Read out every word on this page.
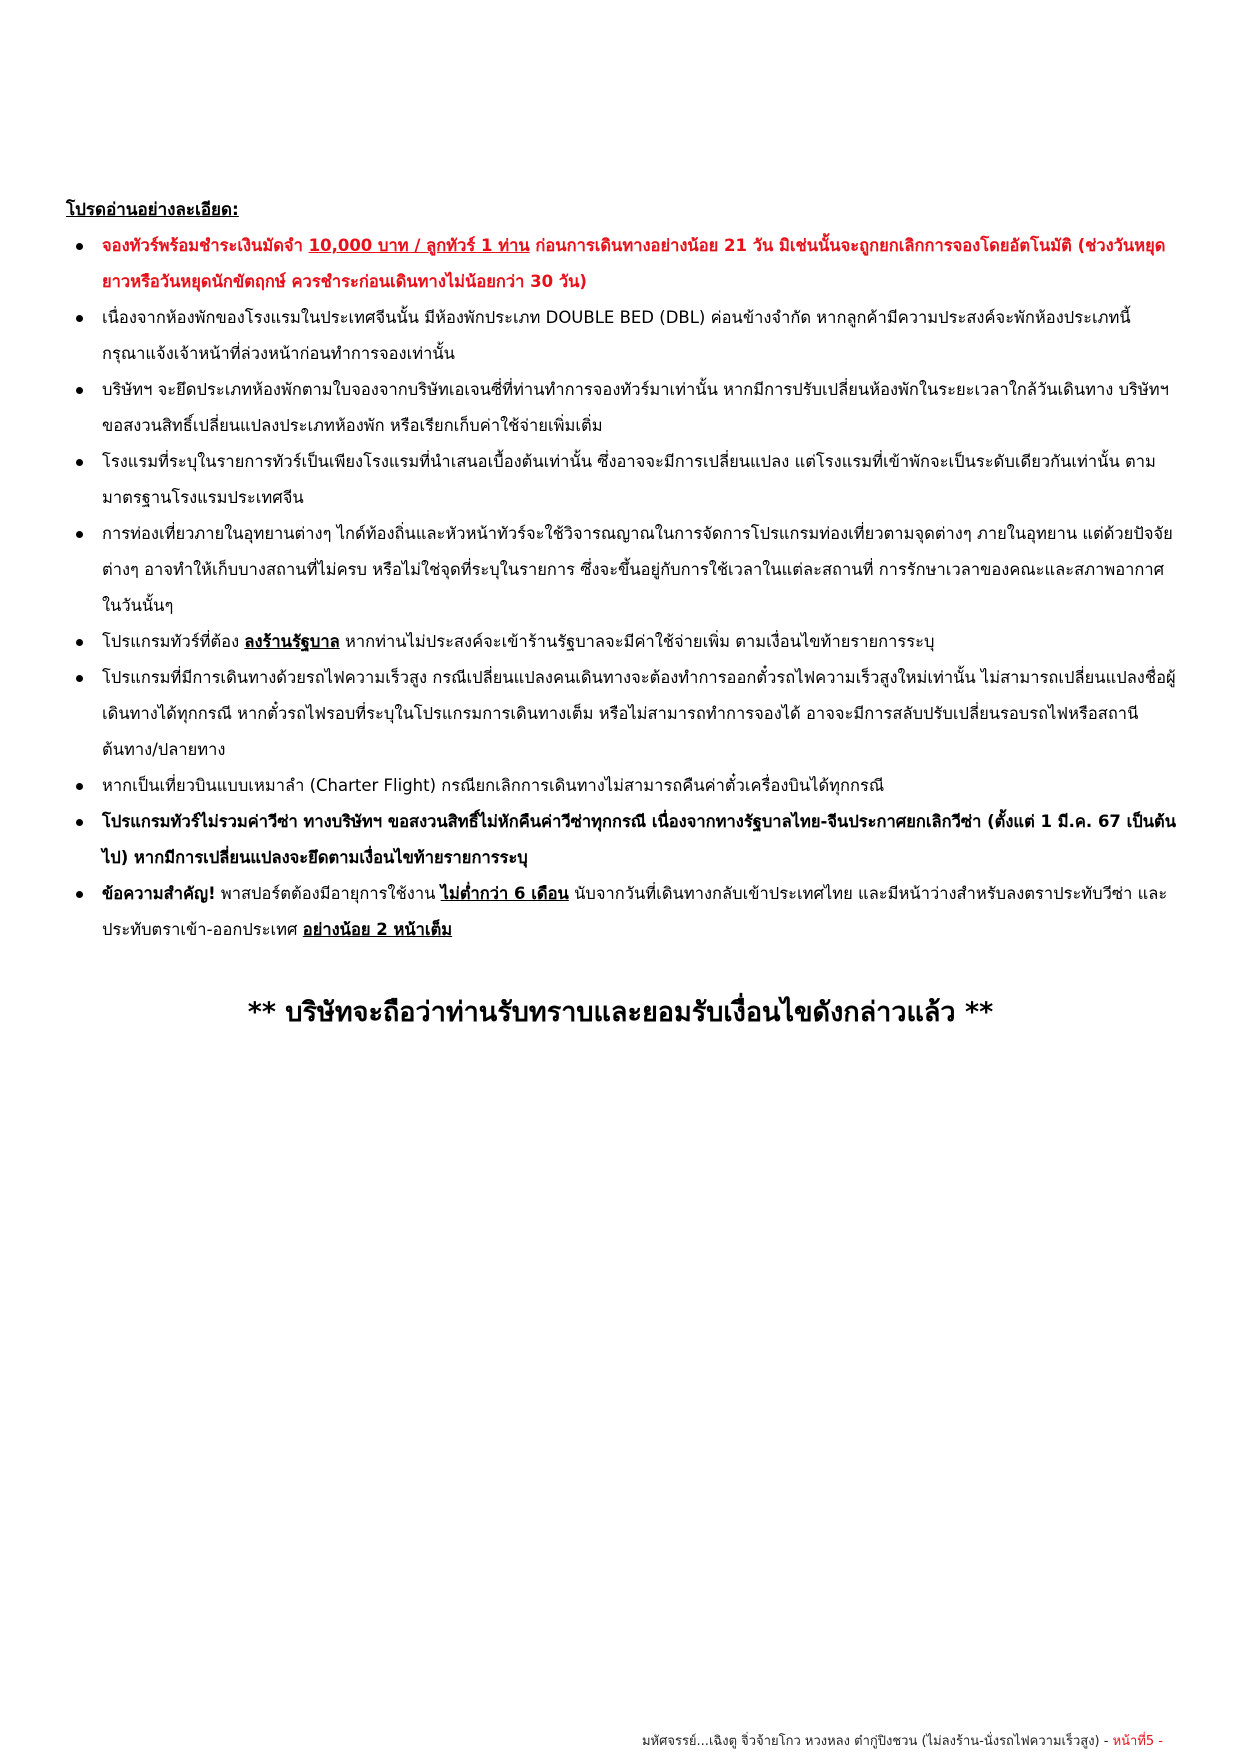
โปรดอ่านอย่างละเอียด:
จองทัวร์พร้อมชำระเงินมัดจำ 10,000 บาท / ลูกทัวร์ 1 ท่าน ก่อนการเดินทางอย่างน้อย 21 วัน มิเช่นนั้นจะถูกยกเลิกการจองโดยอัตโนมัติ (ช่วงวันหยุดยาวหรือวันหยุดนักขัตฤกษ์ ควรชำระก่อนเดินทางไม่น้อยกว่า 30 วัน)
เนื่องจากห้องพักของโรงแรมในประเทศจีนนั้น มีห้องพักประเภท DOUBLE BED (DBL) ค่อนข้างจำกัด หากลูกค้ามีความประสงค์จะพักห้องประเภทนี้ กรุณาแจ้งเจ้าหน้าที่ล่วงหน้าก่อนทำการจองเท่านั้น
บริษัทฯ จะยึดประเภทห้องพักตามใบจองจากบริษัทเอเจนซี่ที่ท่านทำการจองทัวร์มาเท่านั้น หากมีการปรับเปลี่ยนห้องพักในระยะเวลาใกล้วันเดินทาง บริษัทฯ ขอสงวนสิทธิ์เปลี่ยนแปลงประเภทห้องพัก หรือเรียกเก็บค่าใช้จ่ายเพิ่มเติ่ม
โรงแรมที่ระบุในรายการทัวร์เป็นเพียงโรงแรมที่นำเสนอเบื้องต้นเท่านั้น ซึ่งอาจจะมีการเปลี่ยนแปลง แต่โรงแรมที่เข้าพักจะเป็นระดับเดียวกันเท่านั้น ตามมาตรฐานโรงแรมประเทศจีน
การท่องเที่ยวภายในอุทยานต่างๆ ไกด์ท้องถิ่นและหัวหน้าทัวร์จะใช้วิจารณญาณในการจัดการโปรแกรมท่องเที่ยวตามจุดต่างๆ ภายในอุทยาน แต่ด้วยปัจจัยต่างๆ อาจทำให้เก็บบางสถานที่ไม่ครบ หรือไม่ใช่จุดที่ระบุในรายการ ซึ่งจะขึ้นอยู่กับการใช้เวลาในแต่ละสถานที่ การรักษาเวลาของคณะและสภาพอากาศในวันนั้นๆ
โปรแกรมทัวร์ที่ต้อง ลงร้านรัฐบาล หากท่านไม่ประสงค์จะเข้าร้านรัฐบาลจะมีค่าใช้จ่ายเพิ่ม ตามเงื่อนไขท้ายรายการระบุ
โปรแกรมที่มีการเดินทางด้วยรถไฟความเร็วสูง กรณีเปลี่ยนแปลงคนเดินทางจะต้องทำการออกตั๋วรถไฟความเร็วสูงใหม่เท่านั้น ไม่สามารถเปลี่ยนแปลงชื่อผู้เดินทางได้ทุกกรณี หากตั๋วรถไฟรอบที่ระบุในโปรแกรมการเดินทางเต็ม หรือไม่สามารถทำการจองได้ อาจจะมีการสลับปรับเปลี่ยนรอบรถไฟหรือสถานีต้นทาง/ปลายทาง
หากเป็นเที่ยวบินแบบเหมาลำ (Charter Flight) กรณียกเลิกการเดินทางไม่สามารถคืนค่าตั๋วเครื่องบินได้ทุกกรณี
โปรแกรมทัวร์ไม่รวมค่าวีซ่า ทางบริษัทฯ ขอสงวนสิทธิ์ไม่หักคืนค่าวีซ่าทุกกรณี เนื่องจากทางรัฐบาลไทย-จีนประกาศยกเลิกวีซ่า (ตั้งแต่ 1 มี.ค. 67 เป็นต้นไป) หากมีการเปลี่ยนแปลงจะยึดตามเงื่อนไขท้ายรายการระบุ
ข้อความสำคัญ! พาสปอร์ตต้องมีอายุการใช้งาน ไม่ต่ำกว่า 6 เดือน นับจากวันที่เดินทางกลับเข้าประเทศไทย และมีหน้าว่างสำหรับลงตราประทับวีซ่า และประทับตราเข้า-ออกประเทศ อย่างน้อย 2 หน้าเต็ม
** บริษัทจะถือว่าท่านรับทราบและยอมรับเงื่อนไขดังกล่าวแล้ว **
มหัศจรรย์...เฉิงตู จิ่วจ้ายโกว หวงหลง ต๋ากู่ปิงชวน (ไม่ลงร้าน-นั่งรถไฟความเร็วสูง) - หน้าที่5 -
